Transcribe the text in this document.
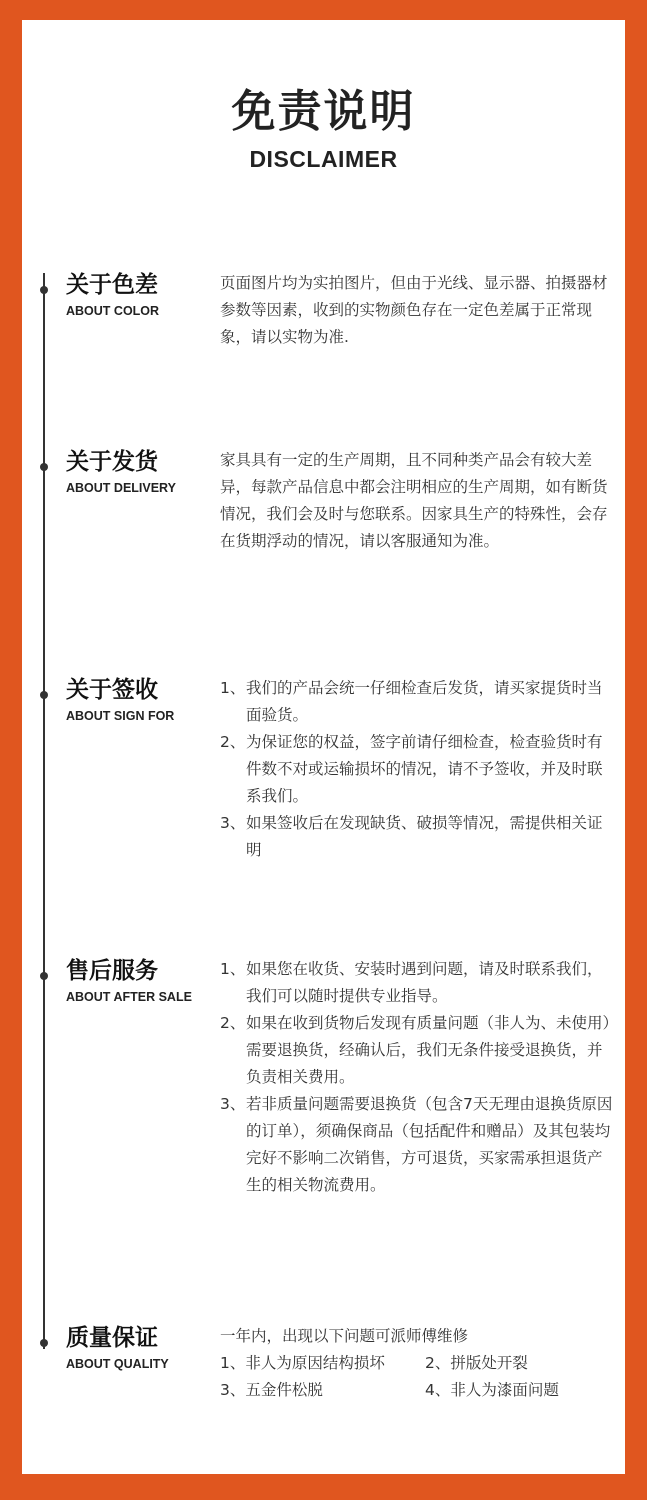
免责说明
DISCLAIMER
关于色差
ABOUT COLOR
页面图片均为实拍图片，但由于光线、显示器、拍摄器材参数等因素，收到的实物颜色存在一定色差属于正常现象，请以实物为准.
关于发货
ABOUT DELIVERY
家具具有一定的生产周期，且不同种类产品会有较大差异，每款产品信息中都会注明相应的生产周期，如有断货情况，我们会及时与您联系。因家具生产的特殊性，会存在货期浮动的情况，请以客服通知为准。
关于签收
ABOUT SIGN FOR
1、 我们的产品会统一仔细检查后发货，请买家提货时当面验货。
2、 为保证您的权益，签字前请仔细检查，检查验货时有件数不对或运输损坏的情况，请不予签收，并及时联系我们。
3、 如果签收后在发现缺货、破损等情况，需提供相关证明
售后服务
ABOUT AFTER SALE
1、 如果您在收货、安装时遇到问题，请及时联系我们，我们可以随时提供专业指导。
2、 如果在收到货物后发现有质量问题（非人为、未使用）需要退换货，经确认后，我们无条件接受退换货，并负责相关费用。
3、 若非质量问题需要退换货（包含7天无理由退换货原因的订单），须确保商品（包括配件和赠品）及其包装均完好不影响二次销售，方可退货，买家需承担退货产生的相关物流费用。
质量保证
ABOUT QUALITY
一年内，出现以下问题可派师傅维修
1、非人为原因结构损坏	2、拼版处开裂
3、五金件松脱	4、非人为漆面问题
